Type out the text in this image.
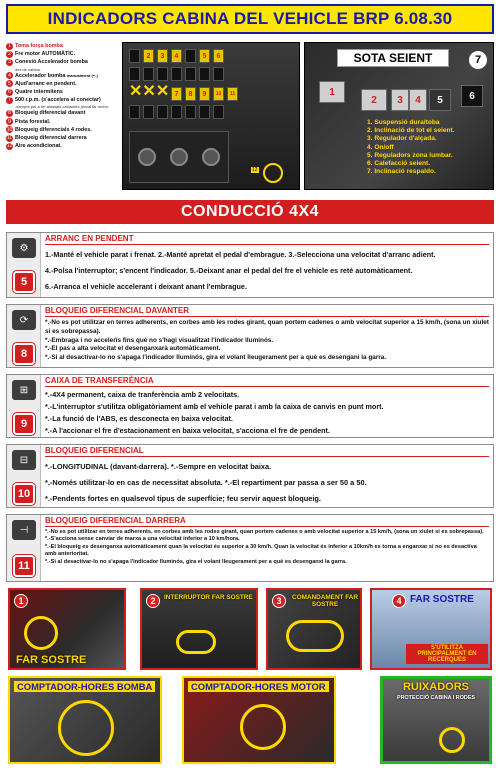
INDICADORS CABINA DEL VEHICLE BRP 6.08.30
1 Toma força bomba
2 Fre motor AUTOMÀTIC.
3 Conexió Accelerador bomba
des de cabina.
4 Accelerador bomba
manualment (+-)
5 Ajud'arranc en pendent.
6 Quatre intermitens
7 500 r.p.m. (s'accelera al conectar)
-sempre per a fer alimsals caldantes (excal'far motor.
8 Bloqueig diferencial davant
9 Pista forestal.
10 Bloqueig diferencials 4 rodes.
11 Bloqueig diferencial darrera
12 Aire acondicionat.
2	3	4	5	6
7	8	9	10	11
✕✕✕
12
SOTA SEIENT	7
1
2	3	4	5	6
1. Suspensió dura/toba
2. Inclinació de tot el seient.
3. Regulador d'alçada.
4. On/off
5. Reguladors zona lumbar.
6. Calefacció seient.
7. Inclinació respaldo.
CONDUCCIÓ 4X4
⚙
5
ARRANC EN PENDENT
1.-Manté el vehicle parat i frenat. 2.-Manté apretat el pedal d'embrague. 3.-Selecciona una velocitat d'arranc adient.
4.-Polsa l'interruptor; s'encent l'indicador. 5.-Deixant anar el pedal del fre el vehicle es reté automàticament.
6.-Arranca el vehicle accelerant i deixant anant l'embrague.
⟳
8
BLOQUEIG DIFERENCIAL DAVANTER
*.-No es pot utilitzar en terres adherents, en corbes amb les rodes girant, quan portem cadenes o amb velocitat superior a 15 km/h, (sona un xiulet si es sobrepassa).
*.-Embraga i no accelerïs fins què no s'hagi visualitzat l'indicador lluminós.
*.-El pas a alta velocitat el desenganxarà automàticament.
*.-Si al desactivar-lo no s'apaga l'indicador lluminós, gira el volant lleugerament per a què es desengani la garra.
⊞
9
CAIXA DE TRANSFERÈNCIA
*.-4X4 permanent, caixa de tranferència amb 2 velocitats.
*.-L'interruptor s'utilitza obligatòriament amb el vehicle parat i amb la caixa de canvis en punt mort.
*.-La funció de l'ABS, es desconecta en baixa velocitat.
*.-A l'accionar el fre d'estacionament en baixa velocitat, s'acciona el fre de pendent.
⊟
10
BLOQUEIG DIFERENCIAL
*.-LONGITUDINAL (davant-darrera). *.-Sempre en velocitat baixa.
*.-Només utilitzar-lo en cas de necessitat absoluta. *.-El repartiment par passa a ser 50 a 50.
*.-Pendents fortes en qualsevol tipus de superfície; feu servir aquest bloqueig.
⊣
11
BLOQUEIG DIFERENCIAL DARRERA
*.-No es pot utilitzar en terres adherents, en corbes amb les rodes girant, quan portem cadenes o amb velocitat superior a 15 km/h, (sona un xiulet si es sobrepassa).
*.-S'acciona sense canviar de marxa a una velocitat inferior a 10 km/hora.
*.-El bloqueig es desenganxa automàticament quan la velocitat és superior a 30 km/h. Quan la velocitat és inferior a 10km/h es torna a enganxar si no es desactiva amb anterioritat.
*.-Si al desactivar-lo no s'apaga l'indicador lluminós, gira el volant lleugerament per a què es desenganxi la garra.
1
FAR SOSTRE
2	INTERRUPTOR FAR SOSTRE	3	COMANDAMENT FAR SOSTRE	4 FAR SOSTRE
S'UTILITZA PRINCIPALMENT EN RECERQUES
COMPTADOR-HORES BOMBA	COMPTADOR-HORES MOTOR	RUIXADORS
PROTECCIÓ CABINA I RODES
